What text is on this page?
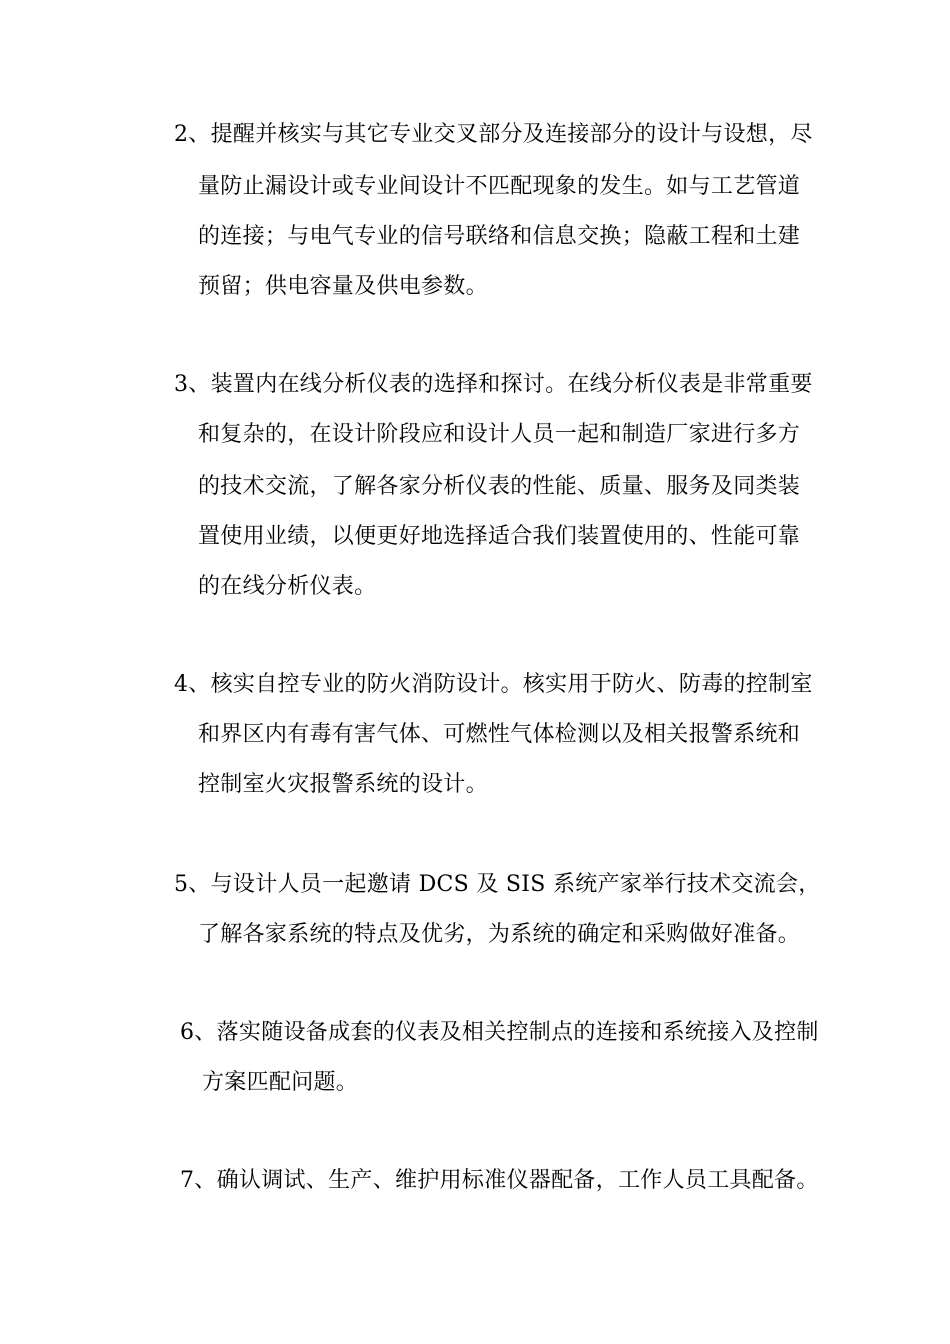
2、提醒并核实与其它专业交叉部分及连接部分的设计与设想，尽
量防止漏设计或专业间设计不匹配现象的发生。如与工艺管道
的连接；与电气专业的信号联络和信息交换；隐蔽工程和土建
预留；供电容量及供电参数。
3、装置内在线分析仪表的选择和探讨。在线分析仪表是非常重要
和复杂的，在设计阶段应和设计人员一起和制造厂家进行多方
的技术交流，了解各家分析仪表的性能、质量、服务及同类装
置使用业绩，以便更好地选择适合我们装置使用的、性能可靠
的在线分析仪表。
4、核实自控专业的防火消防设计。核实用于防火、防毒的控制室
和界区内有毒有害气体、可燃性气体检测以及相关报警系统和
控制室火灾报警系统的设计。
5、与设计人员一起邀请 DCS 及 SIS 系统产家举行技术交流会，
了解各家系统的特点及优劣，为系统的确定和采购做好准备。
6、落实随设备成套的仪表及相关控制点的连接和系统接入及控制
方案匹配问题。
7、确认调试、生产、维护用标准仪器配备，工作人员工具配备。
